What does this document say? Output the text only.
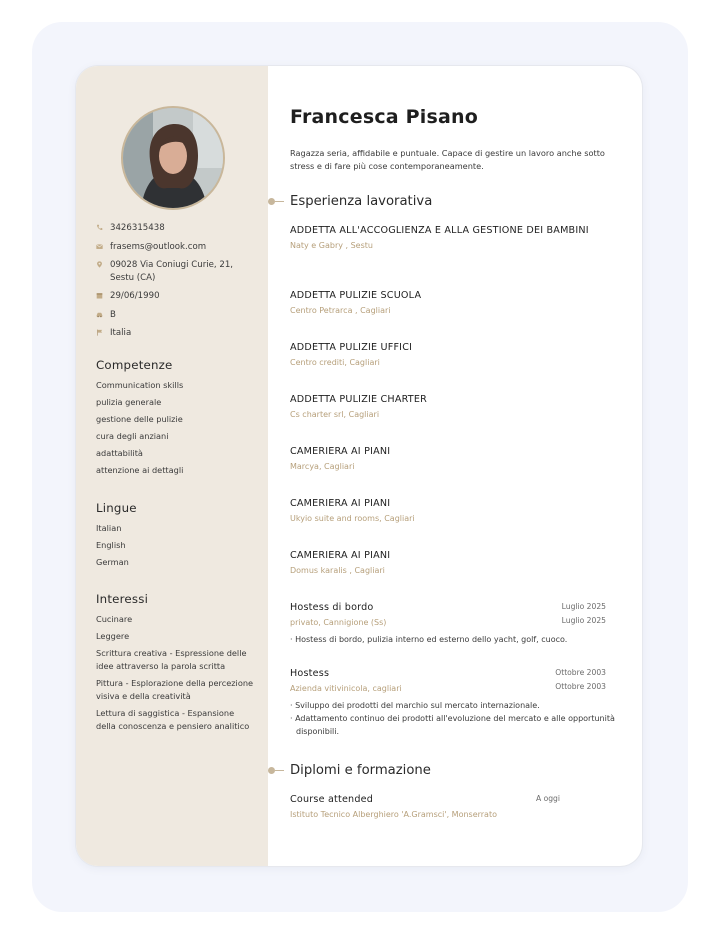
3426315438
frasems@outlook.com
09028 Via Coniugi Curie, 21, Sestu (CA)
29/06/1990
B
Italia
Competenze
Communication skills
pulizia generale
gestione delle pulizie
cura degli anziani
adattabilità
attenzione ai dettagli
Lingue
Italian
English
German
Interessi
Cucinare
Leggere
Scrittura creativa - Espressione delle idee attraverso la parola scritta
Pittura - Esplorazione della percezione visiva e della creatività
Lettura di saggistica - Espansione della conoscenza e pensiero analitico
Francesca Pisano
Ragazza seria, affidabile e puntuale. Capace di gestire un lavoro anche sotto stress e di fare più cose contemporaneamente.
Esperienza lavorativa
ADDETTA ALL'ACCOGLIENZA E ALLA GESTIONE DEI BAMBINI
Naty e Gabry , Sestu
ADDETTA PULIZIE SCUOLA
Centro Petrarca , Cagliari
ADDETTA PULIZIE UFFICI
Centro crediti, Cagliari
ADDETTA PULIZIE CHARTER
Cs charter srl, Cagliari
CAMERIERA AI PIANI
Marcya, Cagliari
CAMERIERA AI PIANI
Ukyio suite and rooms, Cagliari
CAMERIERA AI PIANI
Domus karalis , Cagliari
Hostess di bordo	Luglio 2025
Luglio 2025
privato, Cannigione (Ss)
· Hostess di bordo, pulizia interno ed esterno dello yacht, golf, cuoco.
Hostess	Ottobre 2003
Ottobre 2003
Azienda vitivinicola, cagliari
· Sviluppo dei prodotti del marchio sul mercato internazionale.
· Adattamento continuo dei prodotti all'evoluzione del mercato e alle opportunità disponibili.
Diplomi e formazione
Course attended	A oggi
Istituto Tecnico Alberghiero 'A.Gramsci', Monserrato
